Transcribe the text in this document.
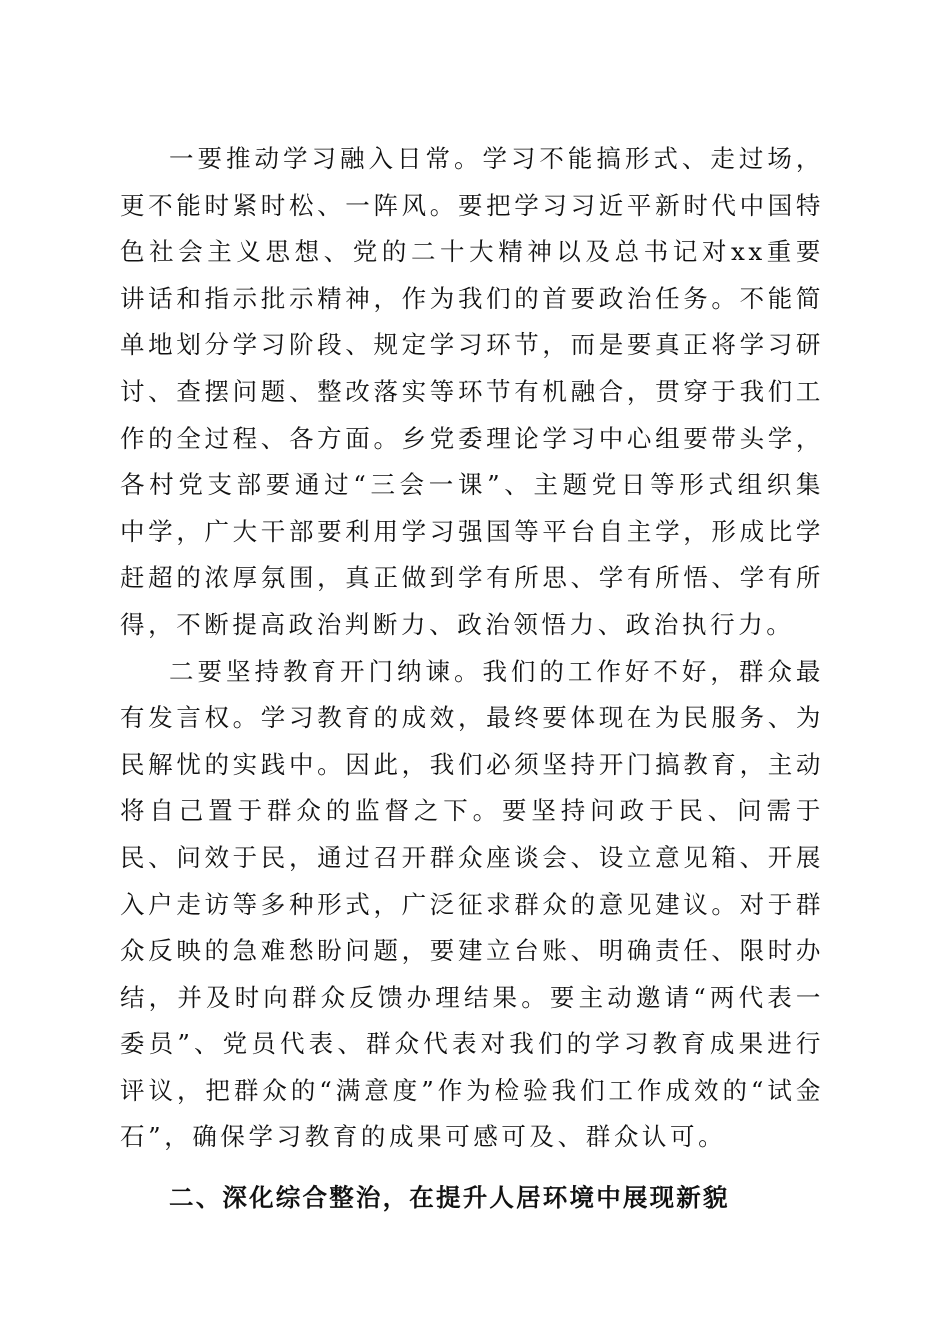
一要推动学习融入日常。学习不能搞形式、走过场，更不能时紧时松、一阵风。要把学习习近平新时代中国特色社会主义思想、党的二十大精神以及总书记对xx重要讲话和指示批示精神，作为我们的首要政治任务。不能简单地划分学习阶段、规定学习环节，而是要真正将学习研讨、查摆问题、整改落实等环节有机融合，贯穿于我们工作的全过程、各方面。乡党委理论学习中心组要带头学，各村党支部要通过“三会一课”、主题党日等形式组织集中学，广大干部要利用学习强国等平台自主学，形成比学赶超的浓厚氛围，真正做到学有所思、学有所悟、学有所得，不断提高政治判断力、政治领悟力、政治执行力。

二要坚持教育开门纳谏。我们的工作好不好，群众最有发言权。学习教育的成效，最终要体现在为民服务、为民解忧的实践中。因此，我们必须坚持开门搞教育，主动将自己置于群众的监督之下。要坚持问政于民、问需于民、问效于民，通过召开群众座谈会、设立意见箱、开展入户走访等多种形式，广泛征求群众的意见建议。对于群众反映的急难愁盼问题，要建立台账、明确责任、限时办结，并及时向群众反馈办理结果。要主动邀请“两代表一委员”、党员代表、群众代表对我们的学习教育成果进行评议，把群众的“满意度”作为检验我们工作成效的“试金石”，确保学习教育的成果可感可及、群众认可。

二、深化综合整治，在提升人居环境中展现新貌
